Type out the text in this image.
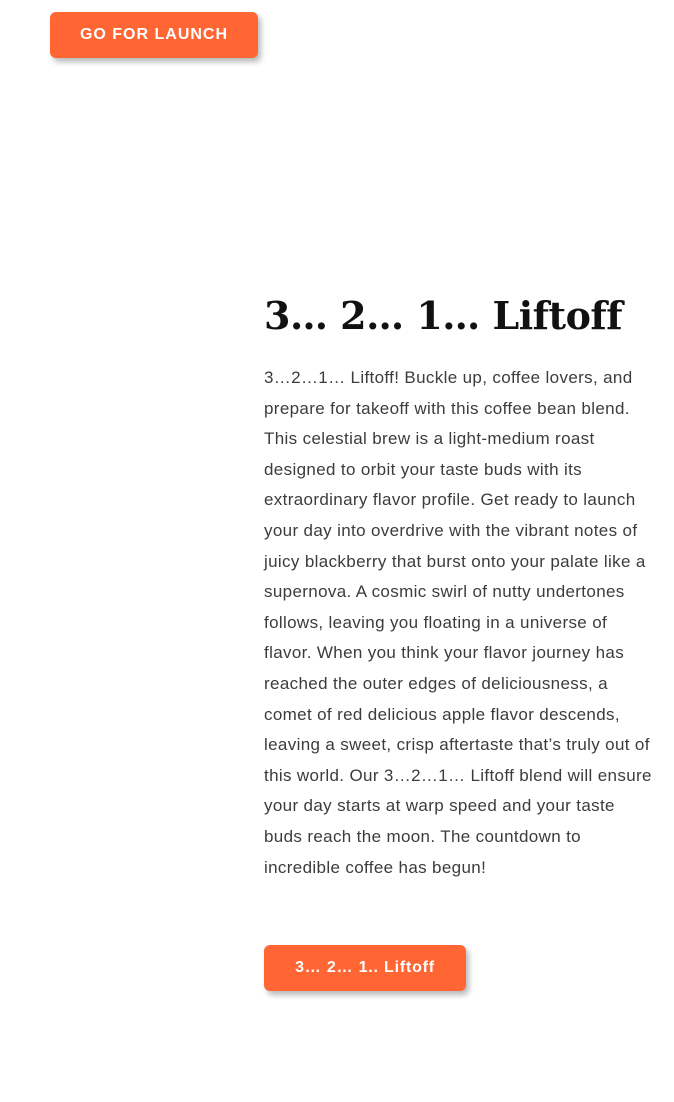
GO FOR LAUNCH
3… 2… 1… Liftoff

3…2…1… Liftoff! Buckle up, coffee lovers, and prepare for takeoff with this coffee bean blend. This celestial brew is a light-medium roast designed to orbit your taste buds with its extraordinary flavor profile. Get ready to launch your day into overdrive with the vibrant notes of juicy blackberry that burst onto your palate like a supernova. A cosmic swirl of nutty undertones follows, leaving you floating in a universe of flavor. When you think your flavor journey has reached the outer edges of deliciousness, a comet of red delicious apple flavor descends, leaving a sweet, crisp aftertaste that’s truly out of this world. Our 3…2…1… Liftoff blend will ensure your day starts at warp speed and your taste buds reach the moon. The countdown to incredible coffee has begun!

3… 2… 1.. Liftoff
